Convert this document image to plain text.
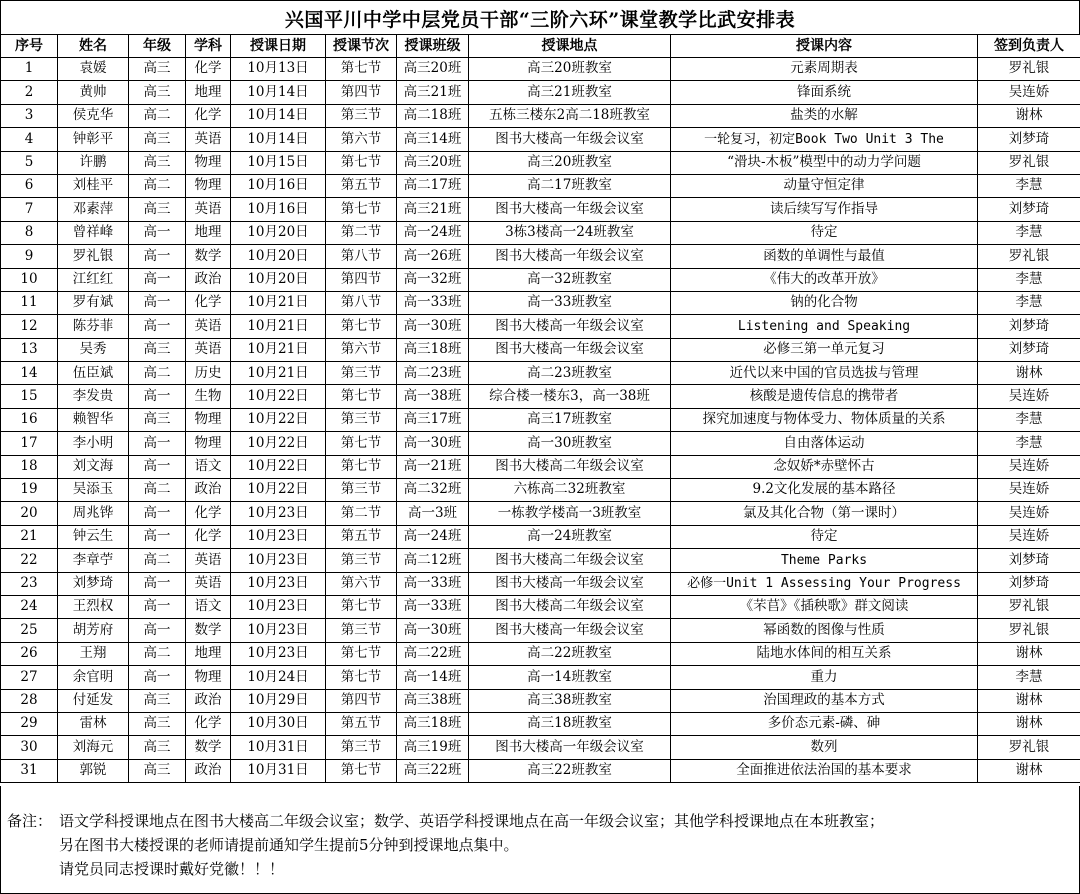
兴国平川中学中层党员干部“三阶六环”课堂教学比武安排表
序号	姓名	年级	学科	授课日期	授课节次	授课班级	授课地点	授课内容	签到负责人
1	袁媛	高三	化学	10月13日	第七节	高三20班	高三20班教室	元素周期表	罗礼银
2	黄帅	高三	地理	10月14日	第四节	高三21班	高三21班教室	锋面系统	吴连娇
3	侯克华	高二	化学	10月14日	第三节	高二18班	五栋三楼东2高二18班教室	盐类的水解	谢林
4	钟彰平	高三	英语	10月14日	第六节	高三14班	图书大楼高一年级会议室	一轮复习，初定Book Two Unit 3 The	刘梦琦
5	许鹏	高三	物理	10月15日	第七节	高三20班	高三20班教室	“滑块-木板”模型中的动力学问题	罗礼银
6	刘桂平	高二	物理	10月16日	第五节	高二17班	高二17班教室	动量守恒定律	李慧
7	邓素萍	高三	英语	10月16日	第七节	高三21班	图书大楼高一年级会议室	读后续写写作指导	刘梦琦
8	曾祥峰	高一	地理	10月20日	第二节	高一24班	3栋3楼高一24班教室	待定	李慧
9	罗礼银	高一	数学	10月20日	第八节	高一26班	图书大楼高一年级会议室	函数的单调性与最值	罗礼银
10	江红红	高一	政治	10月20日	第四节	高一32班	高一32班教室	《伟大的改革开放》	李慧
11	罗有斌	高一	化学	10月21日	第八节	高一33班	高一33班教室	钠的化合物	李慧
12	陈芬菲	高一	英语	10月21日	第七节	高一30班	图书大楼高一年级会议室	Listening and Speaking	刘梦琦
13	吴秀	高三	英语	10月21日	第六节	高三18班	图书大楼高一年级会议室	必修三第一单元复习	刘梦琦
14	伍臣斌	高二	历史	10月21日	第三节	高二23班	高二23班教室	近代以来中国的官员选拔与管理	谢林
15	李发贵	高一	生物	10月22日	第七节	高一38班	综合楼一楼东3，高一38班	核酸是遗传信息的携带者	吴连娇
16	赖智华	高三	物理	10月22日	第三节	高三17班	高三17班教室	探究加速度与物体受力、物体质量的关系	李慧
17	李小明	高一	物理	10月22日	第七节	高一30班	高一30班教室	自由落体运动	李慧
18	刘文海	高一	语文	10月22日	第七节	高一21班	图书大楼高二年级会议室	念奴娇*赤壁怀古	吴连娇
19	吴添玉	高二	政治	10月22日	第三节	高二32班	六栋高二32班教室	9.2文化发展的基本路径	吴连娇
20	周兆铧	高一	化学	10月23日	第二节	高一3班	一栋教学楼高一3班教室	氯及其化合物（第一课时）	吴连娇
21	钟云生	高一	化学	10月23日	第五节	高一24班	高一24班教室	待定	吴连娇
22	李章苧	高二	英语	10月23日	第三节	高二12班	图书大楼高二年级会议室	Theme Parks	刘梦琦
23	刘梦琦	高一	英语	10月23日	第六节	高一33班	图书大楼高一年级会议室	必修一Unit 1 Assessing Your Progress	刘梦琦
24	王烈权	高一	语文	10月23日	第七节	高一33班	图书大楼高二年级会议室	《芣苢》《插秧歌》群文阅读	罗礼银
25	胡芳府	高一	数学	10月23日	第三节	高一30班	图书大楼高一年级会议室	幂函数的图像与性质	罗礼银
26	王翔	高二	地理	10月23日	第七节	高二22班	高二22班教室	陆地水体间的相互关系	谢林
27	余官明	高一	物理	10月24日	第七节	高一14班	高一14班教室	重力	李慧
28	付延发	高三	政治	10月29日	第四节	高三38班	高三38班教室	治国理政的基本方式	谢林
29	雷林	高三	化学	10月30日	第五节	高三18班	高三18班教室	多价态元素-磷、砷	谢林
30	刘海元	高三	数学	10月31日	第三节	高三19班	图书大楼高一年级会议室	数列	罗礼银
31	郭锐	高三	政治	10月31日	第七节	高三22班	高三22班教室	全面推进依法治国的基本要求	谢林
备注： 语文学科授课地点在图书大楼高二年级会议室；数学、英语学科授课地点在高一年级会议室；其他学科授课地点在本班教室；
另在图书大楼授课的老师请提前通知学生提前5分钟到授课地点集中。
请党员同志授课时戴好党徽！！！
